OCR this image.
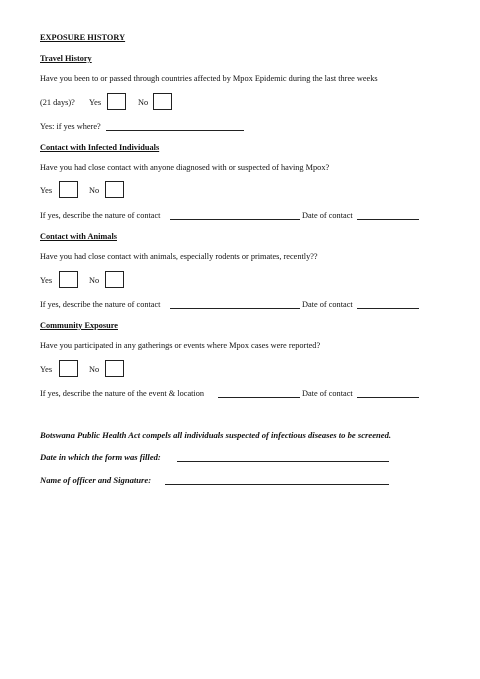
EXPOSURE HISTORY
Travel History
Have you been to or passed through countries affected by Mpox Epidemic during the last three weeks
(21 days)? Yes	No
Yes: if yes where?
Contact with Infected Individuals
Have you had close contact with anyone diagnosed with or suspected of having Mpox?
Yes	No
If yes, describe the nature of contact	Date of contact
Contact with Animals
Have you had close contact with animals, especially rodents or primates, recently??
Yes	No
If yes, describe the nature of contact	Date of contact
Community Exposure
Have you participated in any gatherings or events where Mpox cases were reported?
Yes	No
If yes, describe the nature of the event & location	Date of contact
Botswana Public Health Act compels all individuals suspected of infectious diseases to be screened.
Date in which the form was filled:
Name of officer and Signature:
